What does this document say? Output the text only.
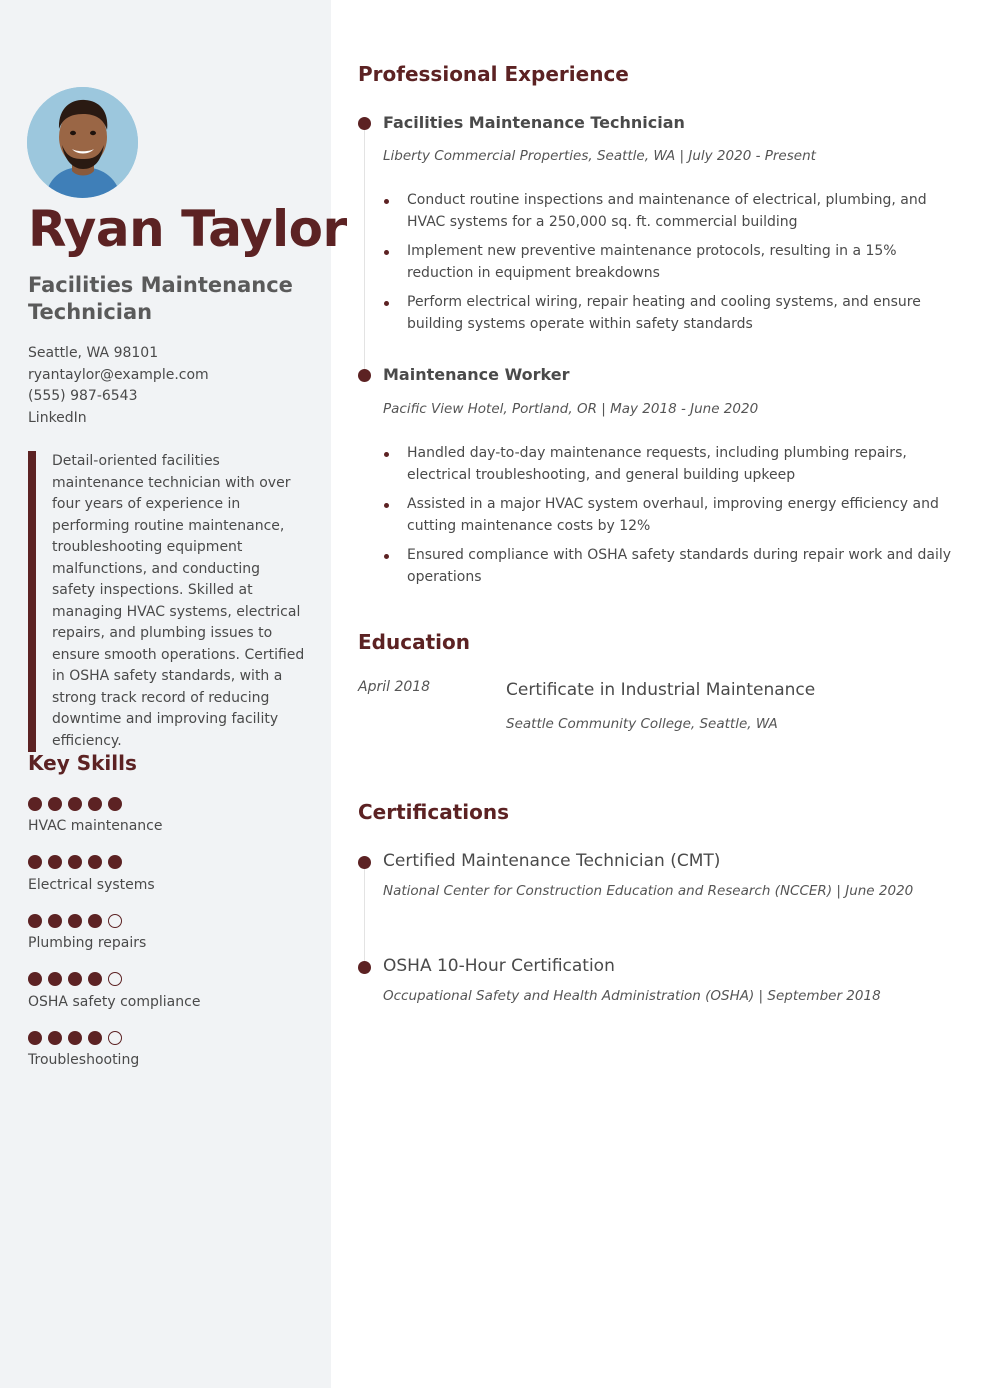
Ryan Taylor
Facilities Maintenance Technician
Seattle, WA 98101
ryantaylor@example.com
(555) 987-6543
LinkedIn
Detail-oriented facilities maintenance technician with over four years of experience in performing routine maintenance, troubleshooting equipment malfunctions, and conducting safety inspections. Skilled at managing HVAC systems, electrical repairs, and plumbing issues to ensure smooth operations. Certified in OSHA safety standards, with a strong track record of reducing downtime and improving facility efficiency.
Key Skills
HVAC maintenance
Electrical systems
Plumbing repairs
OSHA safety compliance
Troubleshooting
Professional Experience
Facilities Maintenance Technician
Liberty Commercial Properties, Seattle, WA | July 2020 - Present
Conduct routine inspections and maintenance of electrical, plumbing, and HVAC systems for a 250,000 sq. ft. commercial building
Implement new preventive maintenance protocols, resulting in a 15% reduction in equipment breakdowns
Perform electrical wiring, repair heating and cooling systems, and ensure building systems operate within safety standards
Maintenance Worker
Pacific View Hotel, Portland, OR | May 2018 - June 2020
Handled day-to-day maintenance requests, including plumbing repairs, electrical troubleshooting, and general building upkeep
Assisted in a major HVAC system overhaul, improving energy efficiency and cutting maintenance costs by 12%
Ensured compliance with OSHA safety standards during repair work and daily operations
Education
April 2018	Certificate in Industrial Maintenance
Seattle Community College, Seattle, WA
Certifications
Certified Maintenance Technician (CMT)
National Center for Construction Education and Research (NCCER) | June 2020
OSHA 10-Hour Certification
Occupational Safety and Health Administration (OSHA) | September 2018
